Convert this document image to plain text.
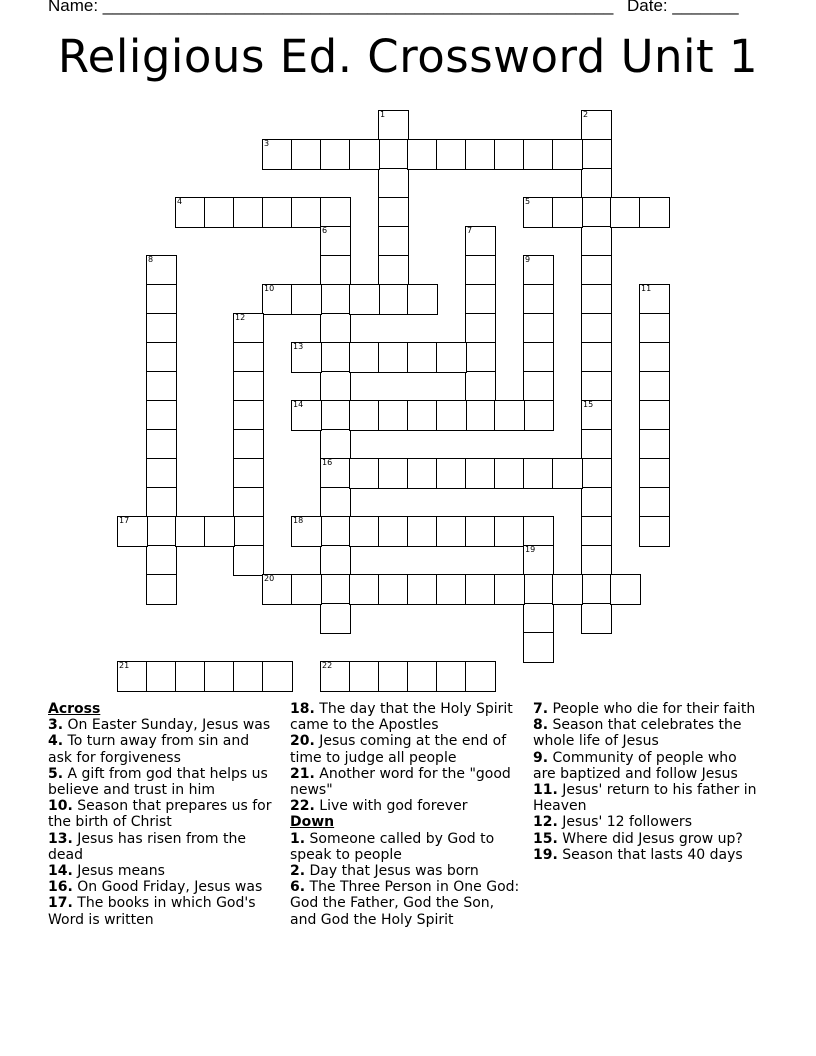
Name: ______________________________________________________ Date: _______
Religious Ed. Crossword Unit 1
1	2
3
4	5
6
16
7
8	9
10	11
12
13
14	15
17	18
19
20
21	22
Across
3. On Easter Sunday, Jesus was
4. To turn away from sin and ask for forgiveness
5. A gift from god that helps us believe and trust in him
10. Season that prepares us for the birth of Christ
13. Jesus has risen from the dead
14. Jesus means
16. On Good Friday, Jesus was
17. The books in which God's Word is written
18. The day that the Holy Spirit came to the Apostles
20. Jesus coming at the end of time to judge all people
21. Another word for the "good news"
22. Live with god forever
Down
1. Someone called by God to speak to people
2. Day that Jesus was born
6. The Three Person in One God: God the Father, God the Son, and God the Holy Spirit
7. People who die for their faith
8. Season that celebrates the whole life of Jesus
9. Community of people who are baptized and follow Jesus
11. Jesus' return to his father in Heaven
12. Jesus' 12 followers
15. Where did Jesus grow up?
19. Season that lasts 40 days
